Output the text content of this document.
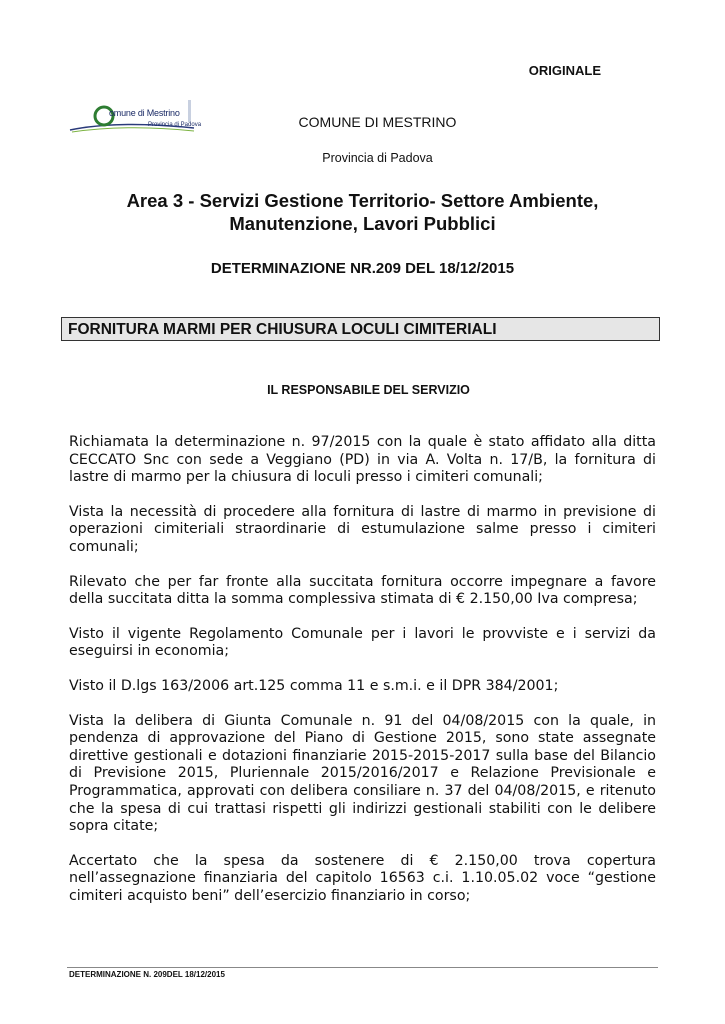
ORIGINALE
omune di Mestrino
Provincia di Padova	COMUNE DI MESTRINO
Provincia di Padova
Area 3 - Servizi Gestione Territorio- Settore Ambiente,
Manutenzione, Lavori Pubblici
DETERMINAZIONE NR.209 DEL 18/12/2015
FORNITURA MARMI PER CHIUSURA LOCULI CIMITERIALI
IL RESPONSABILE DEL SERVIZIO

Richiamata la determinazione n. 97/2015 con la quale è stato affidato alla ditta CECCATO Snc con sede a Veggiano (PD) in via A. Volta n. 17/B, la fornitura di lastre di marmo per la chiusura di loculi presso i cimiteri comunali;

Vista la necessità di procedere alla fornitura di lastre di marmo in previsione di operazioni cimiteriali straordinarie di estumulazione salme presso i cimiteri comunali;

Rilevato che per far fronte alla succitata fornitura occorre impegnare a favore della succitata ditta la somma complessiva stimata di € 2.150,00 Iva compresa;

Visto il vigente Regolamento Comunale per i lavori le provviste e i servizi da eseguirsi in economia;

Visto il D.lgs 163/2006 art.125 comma 11 e s.m.i. e il DPR 384/2001;

Vista la delibera di Giunta Comunale n. 91 del 04/08/2015 con la quale, in pendenza di approvazione del Piano di Gestione 2015, sono state assegnate direttive gestionali e dotazioni finanziarie 2015-2015-2017 sulla base del Bilancio di Previsione 2015, Pluriennale 2015/2016/2017 e Relazione Previsionale e Programmatica, approvati con delibera consiliare n. 37 del 04/08/2015, e ritenuto che la spesa di cui trattasi rispetti gli indirizzi gestionali stabiliti con le delibere sopra citate;

Accertato che la spesa da sostenere di € 2.150,00 trova copertura nell’assegnazione finanziaria del capitolo 16563 c.i. 1.10.05.02 voce “gestione cimiteri acquisto beni” dell’esercizio finanziario in corso;

DETERMINAZIONE N. 209DEL 18/12/2015
